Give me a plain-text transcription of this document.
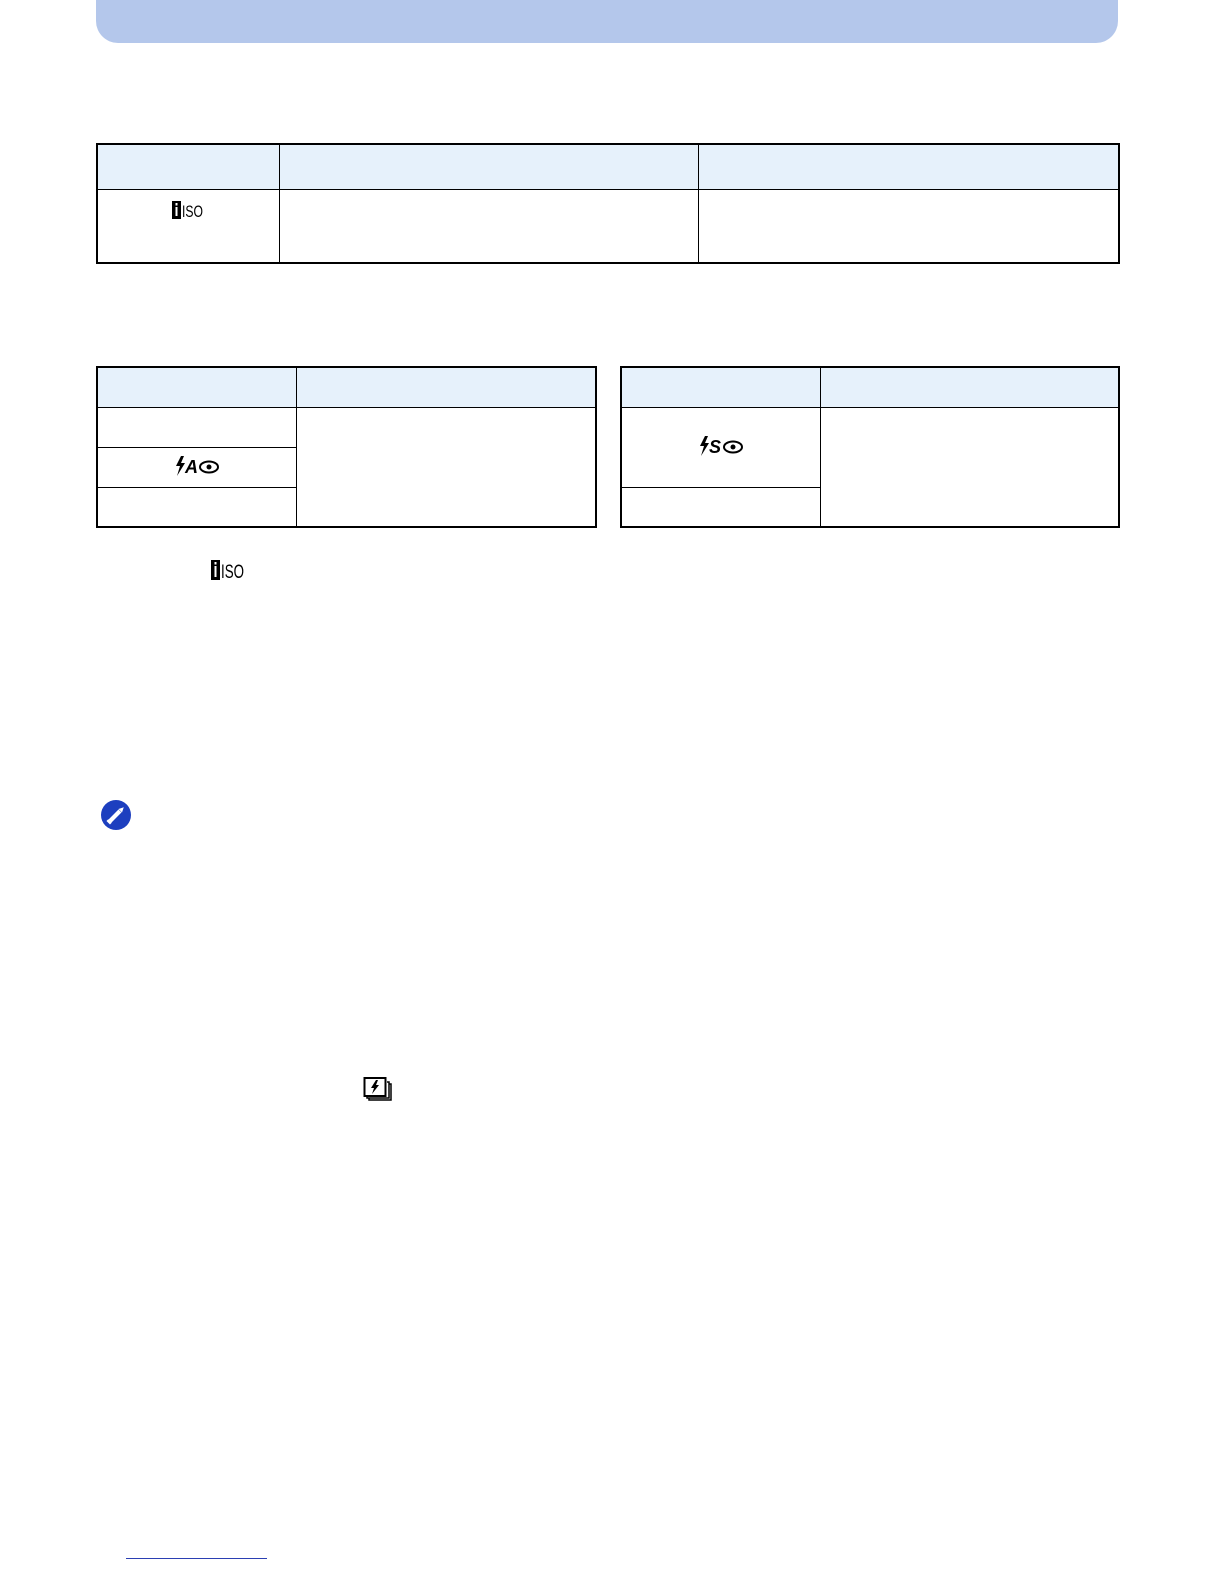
ISO		

A	

S	

ISO
